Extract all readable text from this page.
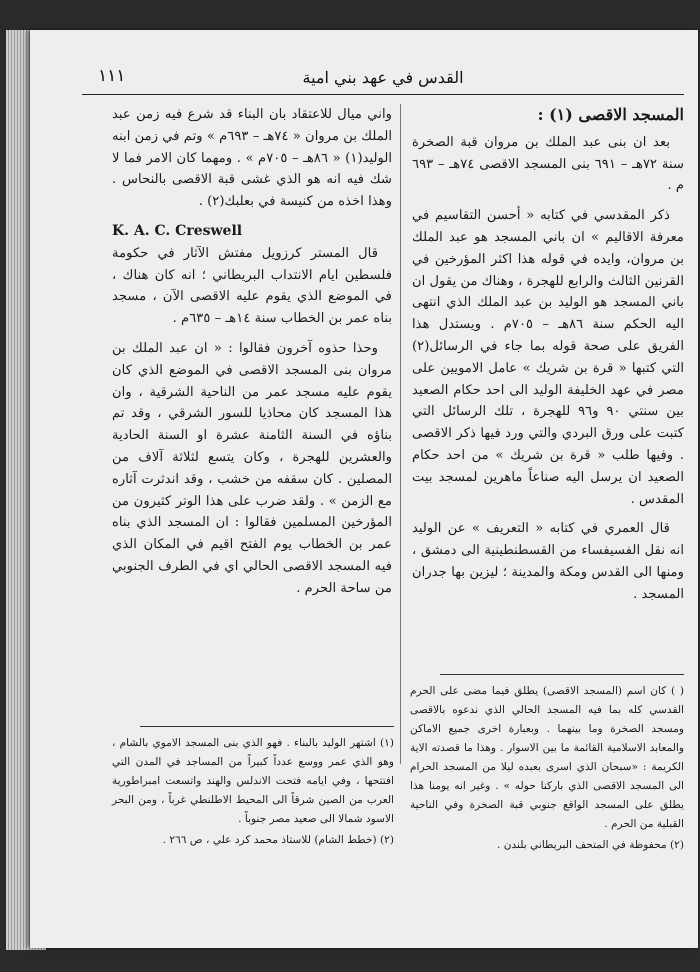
القدس في عهد بني امية
١١١
المسجد الاقصى (١) :

بعد ان بنى عبد الملك بن مروان قبة الصخرة سنة ٧٢هـ – ٦٩١ بنى المسجد الاقصى ٧٤هـ – ٦٩٣ م .

ذكر المقدسي في كتابه « أحسن التقاسيم في معرفة الاقاليم » ان باني المسجد هو عبد الملك بن مروان، وايده في قوله هذا اكثر المؤرخين في القرنين الثالث والرابع للهجرة ، وهناك من يقول ان باني المسجد هو الوليد بن عبد الملك الذي انتهى اليه الحكم سنة ٨٦هـ – ٧٠٥م . ويستدل هذا الفريق على صحة قوله بما جاء في الرسائل(٢) التي كتبها « قرة بن شريك » عامل الامويين على مصر في عهد الخليفة الوليد الى احد حكام الصعيد بين سنتي ٩٠ و٩٦ للهجرة ، تلك الرسائل التي كتبت على ورق البردي والتي ورد فيها ذكر الاقصى . وفيها طلب « قرة بن شريك » من احد حكام الصعيد ان يرسل اليه صناعاً ماهرين لمسجد بيت المقدس .

قال العمري في كتابه « التعريف » عن الوليد انه نقل الفسيفساء من القسطنطينية الى دمشق ، ومنها الى القدس ومكة والمدينة ؛ ليزين بها جدران المسجد .

واني ميال للاعتقاد بان البناء قد شرع فيه زمن عبد الملك بن مروان « ٧٤هـ – ٦٩٣م » وتم في زمن ابنه الوليد(١) « ٨٦هـ – ٧٠٥م » . ومهما كان الامر فما لا شك فيه انه هو الذي غشى قبة الاقصى بالنحاس . وهذا اخذه من كنيسة في بعلبك(٢) .

K. A. C. Creswell

قال المستر كرزويل مفتش الآثار في حكومة فلسطين ايام الانتداب البريطاني ؛ انه كان هناك ، في الموضع الذي يقوم عليه الاقصى الآن ، مسجد بناه عمر بن الخطاب سنة ١٤هـ – ٦٣٥م .

وحذا حذوه آخرون فقالوا : « ان عبد الملك بن مروان بنى المسجد الاقصى في الموضع الذي كان يقوم عليه مسجد عمر من الناحية الشرقية ، وان هذا المسجد كان محاذيا للسور الشرقي ، وقد تم بناؤه في السنة الثامنة عشرة او السنة الحادية والعشرين للهجرة ، وكان يتسع لثلاثة آلاف من المصلين . كان سقفه من خشب ، وقد اندثرت آثاره مع الزمن » . ولقد ضرب على هذا الوتر كثيرون من المؤرخين المسلمين فقالوا : ان المسجد الذي بناه عمر بن الخطاب يوم الفتح اقيم في المكان الذي فيه المسجد الاقصى الحالي اي في الطرف الجنوبي من ساحة الحرم .

( ) كان اسم (المسجد الاقصى) يطلق فيما مضى على الحرم القدسي كله بما فيه المسجد الحالي الذي ندعوه بالاقصى ومسجد الصخرة وما بينهما . وبعبارة اخرى جميع الاماكن والمعابد الاسلامية القائمة ما بين الاسوار . وهذا ما قصدته الاية الكريمة : «سبحان الذي اسرى بعبده ليلا من المسجد الحرام الى المسجد الاقصى الذي باركنا حوله » . وغير انه يومنا هذا يطلق على المسجد الواقع جنوبي قبة الصخرة وفي الناحية القبلية من الحرم .

(٢) محفوظة في المتحف البريطاني بلندن .

(١) اشتهر الوليد بالبناء . فهو الذي بنى المسجد الاموي بالشام ، وهو الذي عمر ووسع عدداً كبيراً من المساجد في المدن التي افتتحها ، وفي ايامه فتحت الاندلس والهند واتسعت امبراطورية العرب من الصين شرقاً الى المحيط الاطلنطي غرباً ، ومن البحر الاسود شمالا الى صعيد مصر جنوباً .

(٢) (خطط الشام) للاستاذ محمد كرد علي ، ص ٢٦٦ .
